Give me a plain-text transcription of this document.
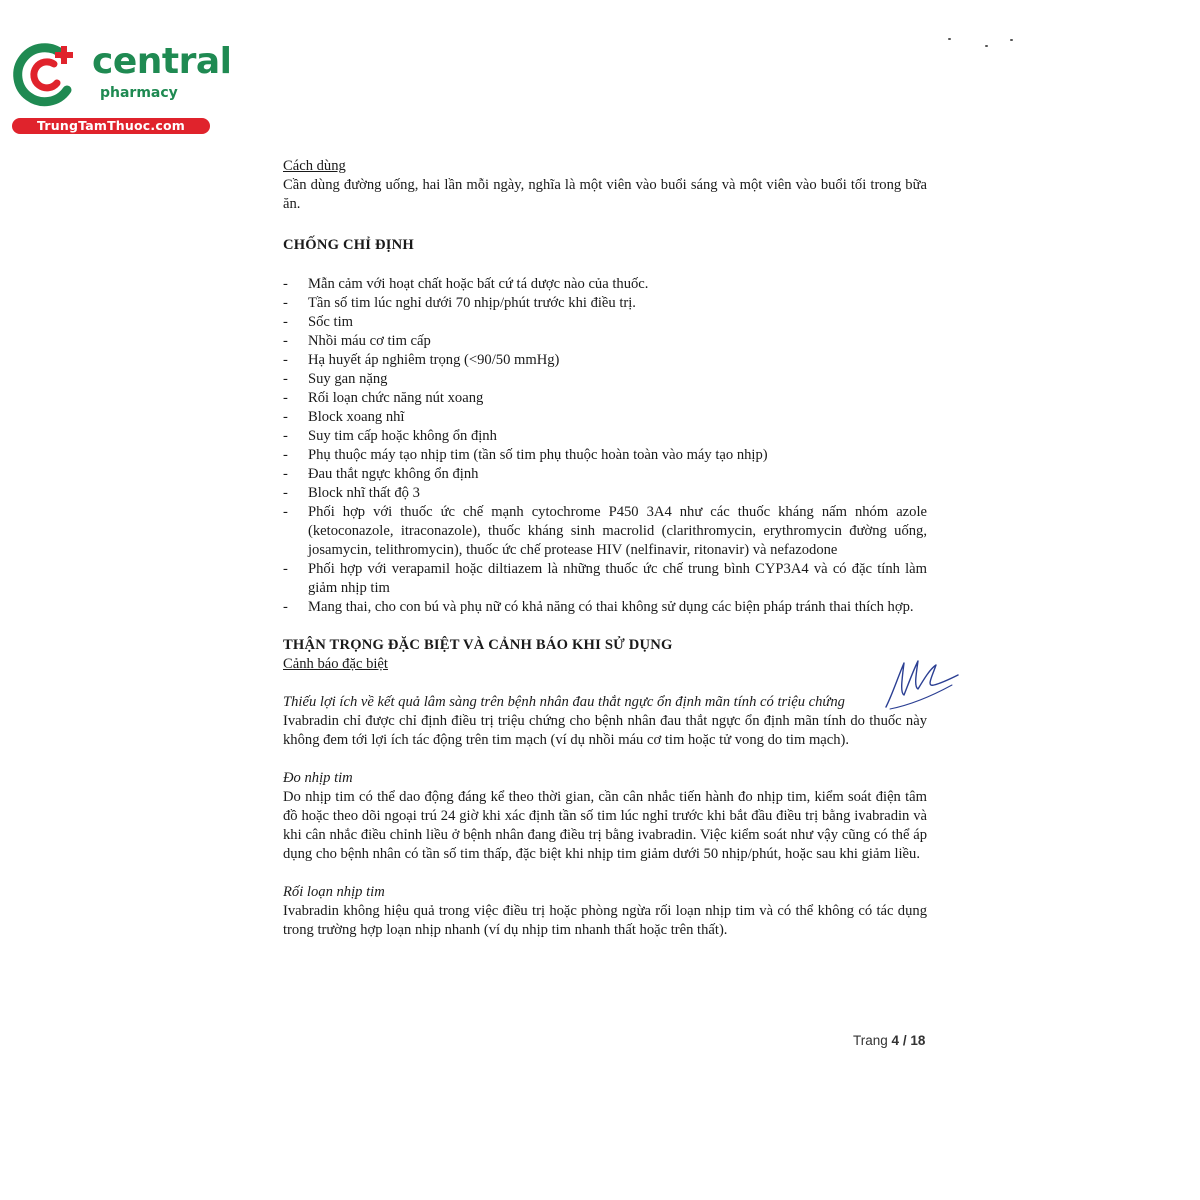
central
pharmacy
TrungTamThuoc.com

Cách dùng

Cần dùng đường uống, hai lần mỗi ngày, nghĩa là một viên vào buổi sáng và một viên vào buổi tối trong bữa ăn.

CHỐNG CHỈ ĐỊNH

- Mẫn cảm với hoạt chất hoặc bất cứ tá dược nào của thuốc.
- Tần số tim lúc nghỉ dưới 70 nhịp/phút trước khi điều trị.
- Sốc tim
- Nhồi máu cơ tim cấp
- Hạ huyết áp nghiêm trọng (<90/50 mmHg)
- Suy gan nặng
- Rối loạn chức năng nút xoang
- Block xoang nhĩ
- Suy tim cấp hoặc không ổn định
- Phụ thuộc máy tạo nhịp tim (tần số tim phụ thuộc hoàn toàn vào máy tạo nhịp)
- Đau thắt ngực không ổn định
- Block nhĩ thất độ 3
- Phối hợp với thuốc ức chế mạnh cytochrome P450 3A4 như các thuốc kháng nấm nhóm azole (ketoconazole, itraconazole), thuốc kháng sinh macrolid (clarithromycin, erythromycin đường uống, josamycin, telithromycin), thuốc ức chế protease HIV (nelfinavir, ritonavir) và nefazodone
- Phối hợp với verapamil hoặc diltiazem là những thuốc ức chế trung bình CYP3A4 và có đặc tính làm giảm nhịp tim
- Mang thai, cho con bú và phụ nữ có khả năng có thai không sử dụng các biện pháp tránh thai thích hợp.

THẬN TRỌNG ĐẶC BIỆT VÀ CẢNH BÁO KHI SỬ DỤNG

Cảnh báo đặc biệt

Thiếu lợi ích về kết quả lâm sàng trên bệnh nhân đau thắt ngực ổn định mãn tính có triệu chứng

Ivabradin chỉ được chỉ định điều trị triệu chứng cho bệnh nhân đau thắt ngực ổn định mãn tính do thuốc này không đem tới lợi ích tác động trên tim mạch (ví dụ nhồi máu cơ tim hoặc tử vong do tim mạch).

Đo nhịp tim

Do nhịp tim có thể dao động đáng kể theo thời gian, cần cân nhắc tiến hành đo nhịp tim, kiểm soát điện tâm đồ hoặc theo dõi ngoại trú 24 giờ khi xác định tần số tim lúc nghỉ trước khi bắt đầu điều trị bằng ivabradin và khi cân nhắc điều chỉnh liều ở bệnh nhân đang điều trị bằng ivabradin. Việc kiểm soát như vậy cũng có thể áp dụng cho bệnh nhân có tần số tim thấp, đặc biệt khi nhịp tim giảm dưới 50 nhịp/phút, hoặc sau khi giảm liều.

Rối loạn nhịp tim

Ivabradin không hiệu quả trong việc điều trị hoặc phòng ngừa rối loạn nhịp tim và có thể không có tác dụng trong trường hợp loạn nhịp nhanh (ví dụ nhịp tim nhanh thất hoặc trên thất).

Trang 4 / 18
